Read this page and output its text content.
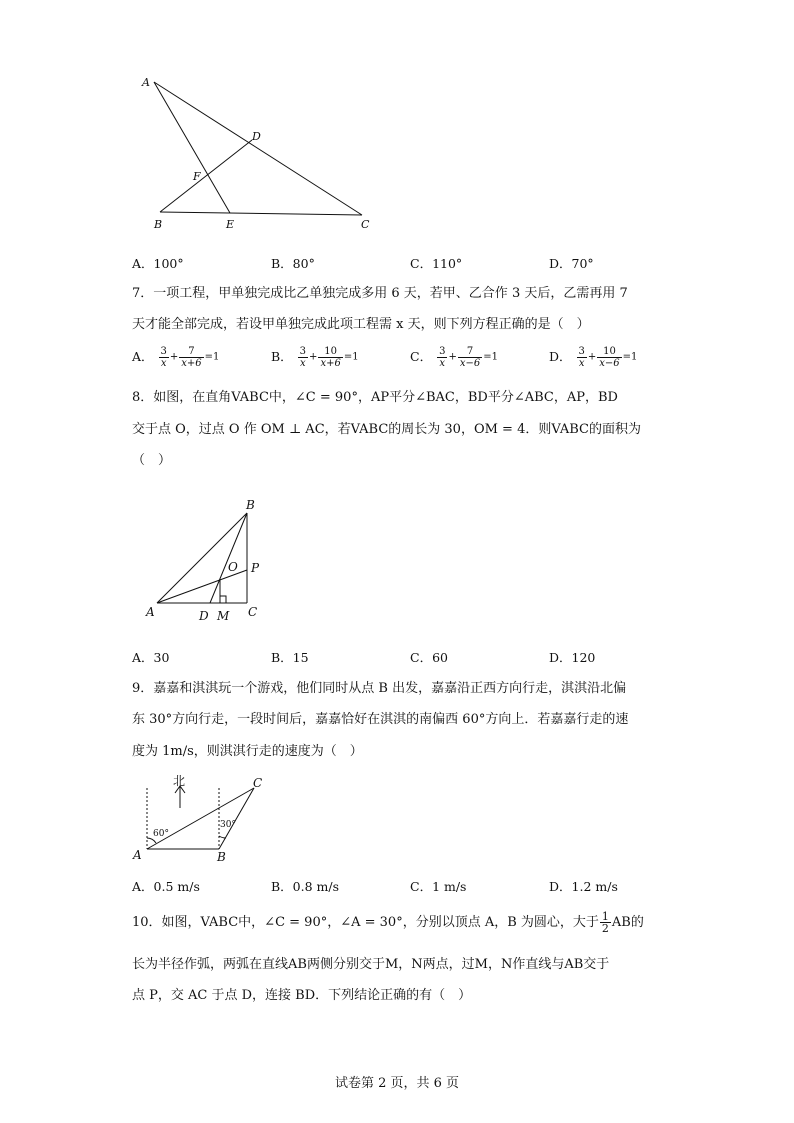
A
D
F
B	E	C
A．100°	B．80°	C．110°	D．70°
7．一项工程，甲单独完成比乙单独完成多用 6 天，若甲、乙合作 3 天后，乙需再用 7
天才能全部完成，若设甲单独完成此项工程需 x 天，则下列方程正确的是（　）
A． $\frac{3}{x} + \frac{7}{x+6} =1$	B． $\frac{3}{x} + \frac{10}{x+6} =1$	C． $\frac{3}{x} + \frac{7}{x-6} =1$	D． $\frac{3}{x} + \frac{10}{x-6} =1$
8．如图，在直角VABC中，∠C = 90°，AP平分∠BAC，BD平分∠ABC，AP，BD
交于点 O，过点 O 作 OM ⊥ AC，若VABC的周长为 30，OM = 4．则VABC的面积为
（　）
B
O P
A	D M C
A．30	B．15	C．60	D．120
9．嘉嘉和淇淇玩一个游戏，他们同时从点 B 出发，嘉嘉沿正西方向行走，淇淇沿北偏
东 30°方向行走，一段时间后，嘉嘉恰好在淇淇的南偏西 60°方向上．若嘉嘉行走的速
度为 1m/s，则淇淇行走的速度为（　）
北	C
30°
60°
A	B
A．0.5 m/s	B．0.8 m/s	C．1 m/s	D．1.2 m/s
10．如图，VABC中，∠C = 90°，∠A = 30°，分别以顶点 A，B 为圆心，大于 $\frac{1}{2}$ AB的
长为半径作弧，两弧在直线AB两侧分别交于M，N两点，过M，N作直线与AB交于
点 P，交 AC 于点 D，连接 BD．下列结论正确的有（　）
试卷第 2 页，共 6 页
